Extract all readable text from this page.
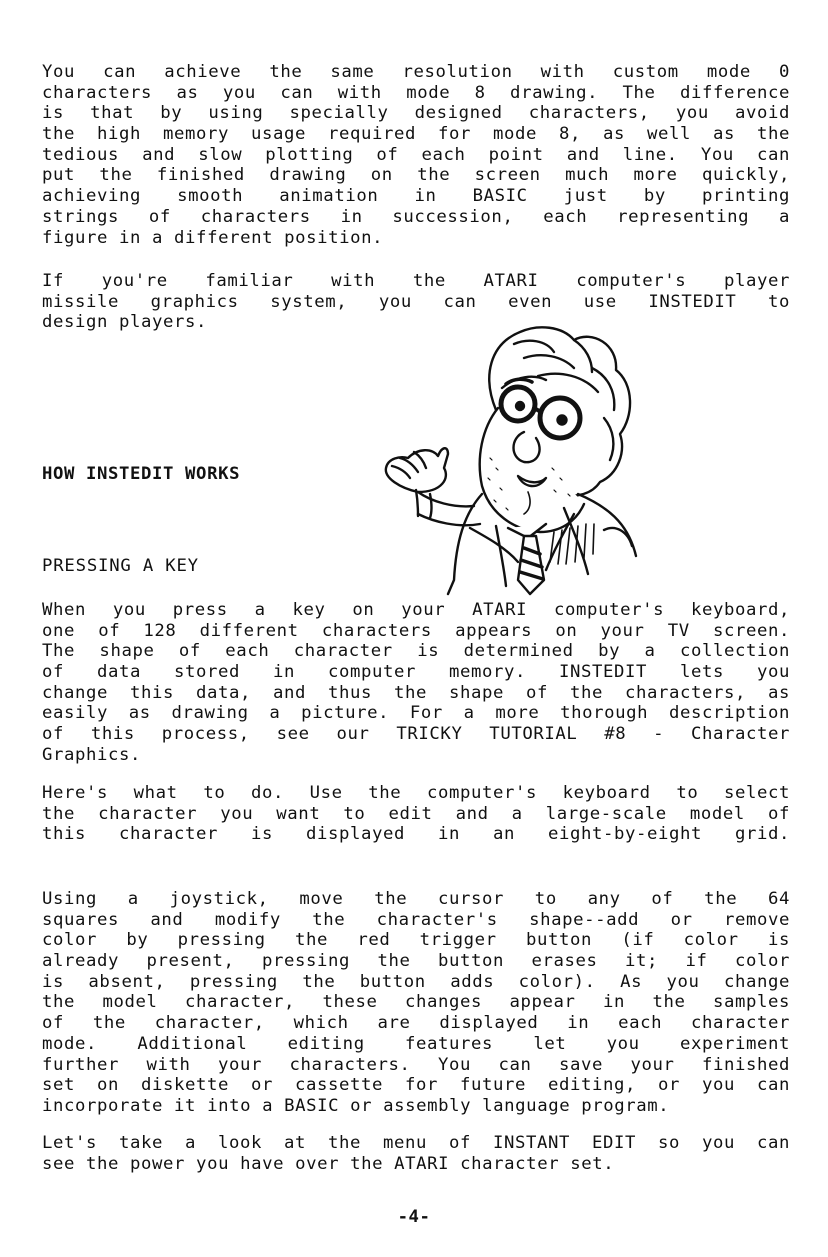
You can achieve the same resolution with custom mode 0
characters as you can with mode 8 drawing. The difference
is that by using specially designed characters, you avoid
the high memory usage required for mode 8, as well as the
tedious and slow plotting of each point and line. You can
put the finished drawing on the screen much more quickly,
achieving smooth animation in BASIC just by printing
strings of characters in succession, each representing a
figure in a different position.
If you're familiar with the ATARI computer's player
missile graphics system, you can even use INSTEDIT to
design players.
HOW INSTEDIT WORKS
PRESSING A KEY
When you press a key on your ATARI computer's keyboard,
one of 128 different characters appears on your TV screen.
The shape of each character is determined by a collection
of data stored in computer memory. INSTEDIT lets you
change this data, and thus the shape of the characters, as
easily as drawing a picture. For a more thorough description
of this process, see our TRICKY TUTORIAL #8 - Character
Graphics.
Here's what to do. Use the computer's keyboard to select
the character you want to edit and a large-scale model of
this character is displayed in an eight-by-eight grid.
Using a joystick, move the cursor to any of the 64
squares and modify the character's shape--add or remove
color by pressing the red trigger button (if color is
already present, pressing the button erases it; if color
is absent, pressing the button adds color). As you change
the model character, these changes appear in the samples
of the character, which are displayed in each character
mode. Additional editing features let you experiment
further with your characters. You can save your finished
set on diskette or cassette for future editing, or you can
incorporate it into a BASIC or assembly language program.
Let's take a look at the menu of INSTANT EDIT so you can
see the power you have over the ATARI character set.
-4-
